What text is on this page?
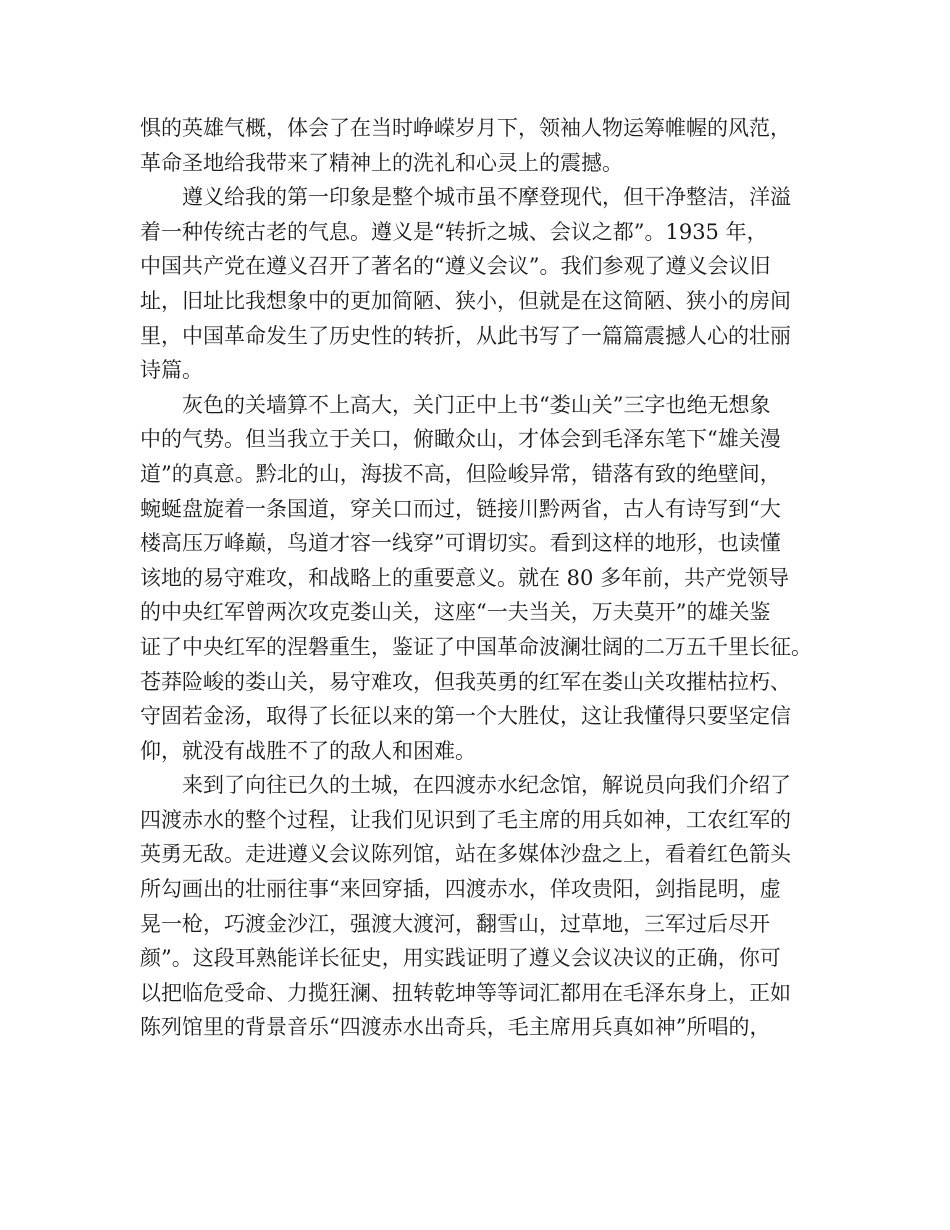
惧的英雄气概，体会了在当时峥嵘岁月下，领袖人物运筹帷幄的风范，
革命圣地给我带来了精神上的洗礼和心灵上的震撼。
遵义给我的第一印象是整个城市虽不摩登现代，但干净整洁，洋溢
着一种传统古老的气息。遵义是“转折之城、会议之都”。1935 年，
中国共产党在遵义召开了著名的“遵义会议”。我们参观了遵义会议旧
址，旧址比我想象中的更加简陋、狭小，但就是在这简陋、狭小的房间
里，中国革命发生了历史性的转折，从此书写了一篇篇震撼人心的壮丽
诗篇。
灰色的关墙算不上高大，关门正中上书“娄山关”三字也绝无想象
中的气势。但当我立于关口，俯瞰众山，才体会到毛泽东笔下“雄关漫
道”的真意。黔北的山，海拔不高，但险峻异常，错落有致的绝壁间，
蜿蜒盘旋着一条国道，穿关口而过，链接川黔两省，古人有诗写到“大
楼高压万峰巅，鸟道才容一线穿”可谓切实。看到这样的地形，也读懂
该地的易守难攻，和战略上的重要意义。就在 80 多年前，共产党领导
的中央红军曾两次攻克娄山关，这座“一夫当关，万夫莫开”的雄关鉴
证了中央红军的涅磐重生，鉴证了中国革命波澜壮阔的二万五千里长征。
苍莽险峻的娄山关，易守难攻，但我英勇的红军在娄山关攻摧枯拉朽、
守固若金汤，取得了长征以来的第一个大胜仗，这让我懂得只要坚定信
仰，就没有战胜不了的敌人和困难。
来到了向往已久的土城，在四渡赤水纪念馆，解说员向我们介绍了
四渡赤水的整个过程，让我们见识到了毛主席的用兵如神，工农红军的
英勇无敌。走进遵义会议陈列馆，站在多媒体沙盘之上，看着红色箭头
所勾画出的壮丽往事“来回穿插，四渡赤水，佯攻贵阳，剑指昆明，虚
晃一枪，巧渡金沙江，强渡大渡河，翻雪山，过草地，三军过后尽开
颜”。这段耳熟能详长征史，用实践证明了遵义会议决议的正确，你可
以把临危受命、力揽狂澜、扭转乾坤等等词汇都用在毛泽东身上，正如
陈列馆里的背景音乐“四渡赤水出奇兵，毛主席用兵真如神”所唱的，
